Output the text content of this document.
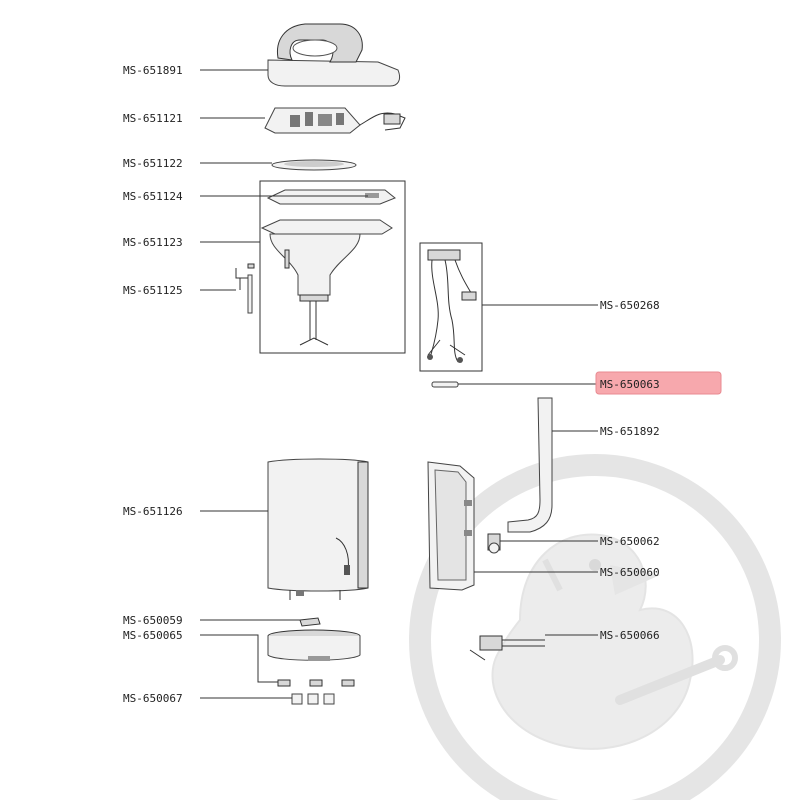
MS-651891
MS-651121
MS-651122
MS-651124
MS-651123
MS-651125
MS-650268
MS-650063
MS-651892
MS-651126
MS-650062
MS-650060
MS-650059
MS-650065	MS-650066
MS-650067
